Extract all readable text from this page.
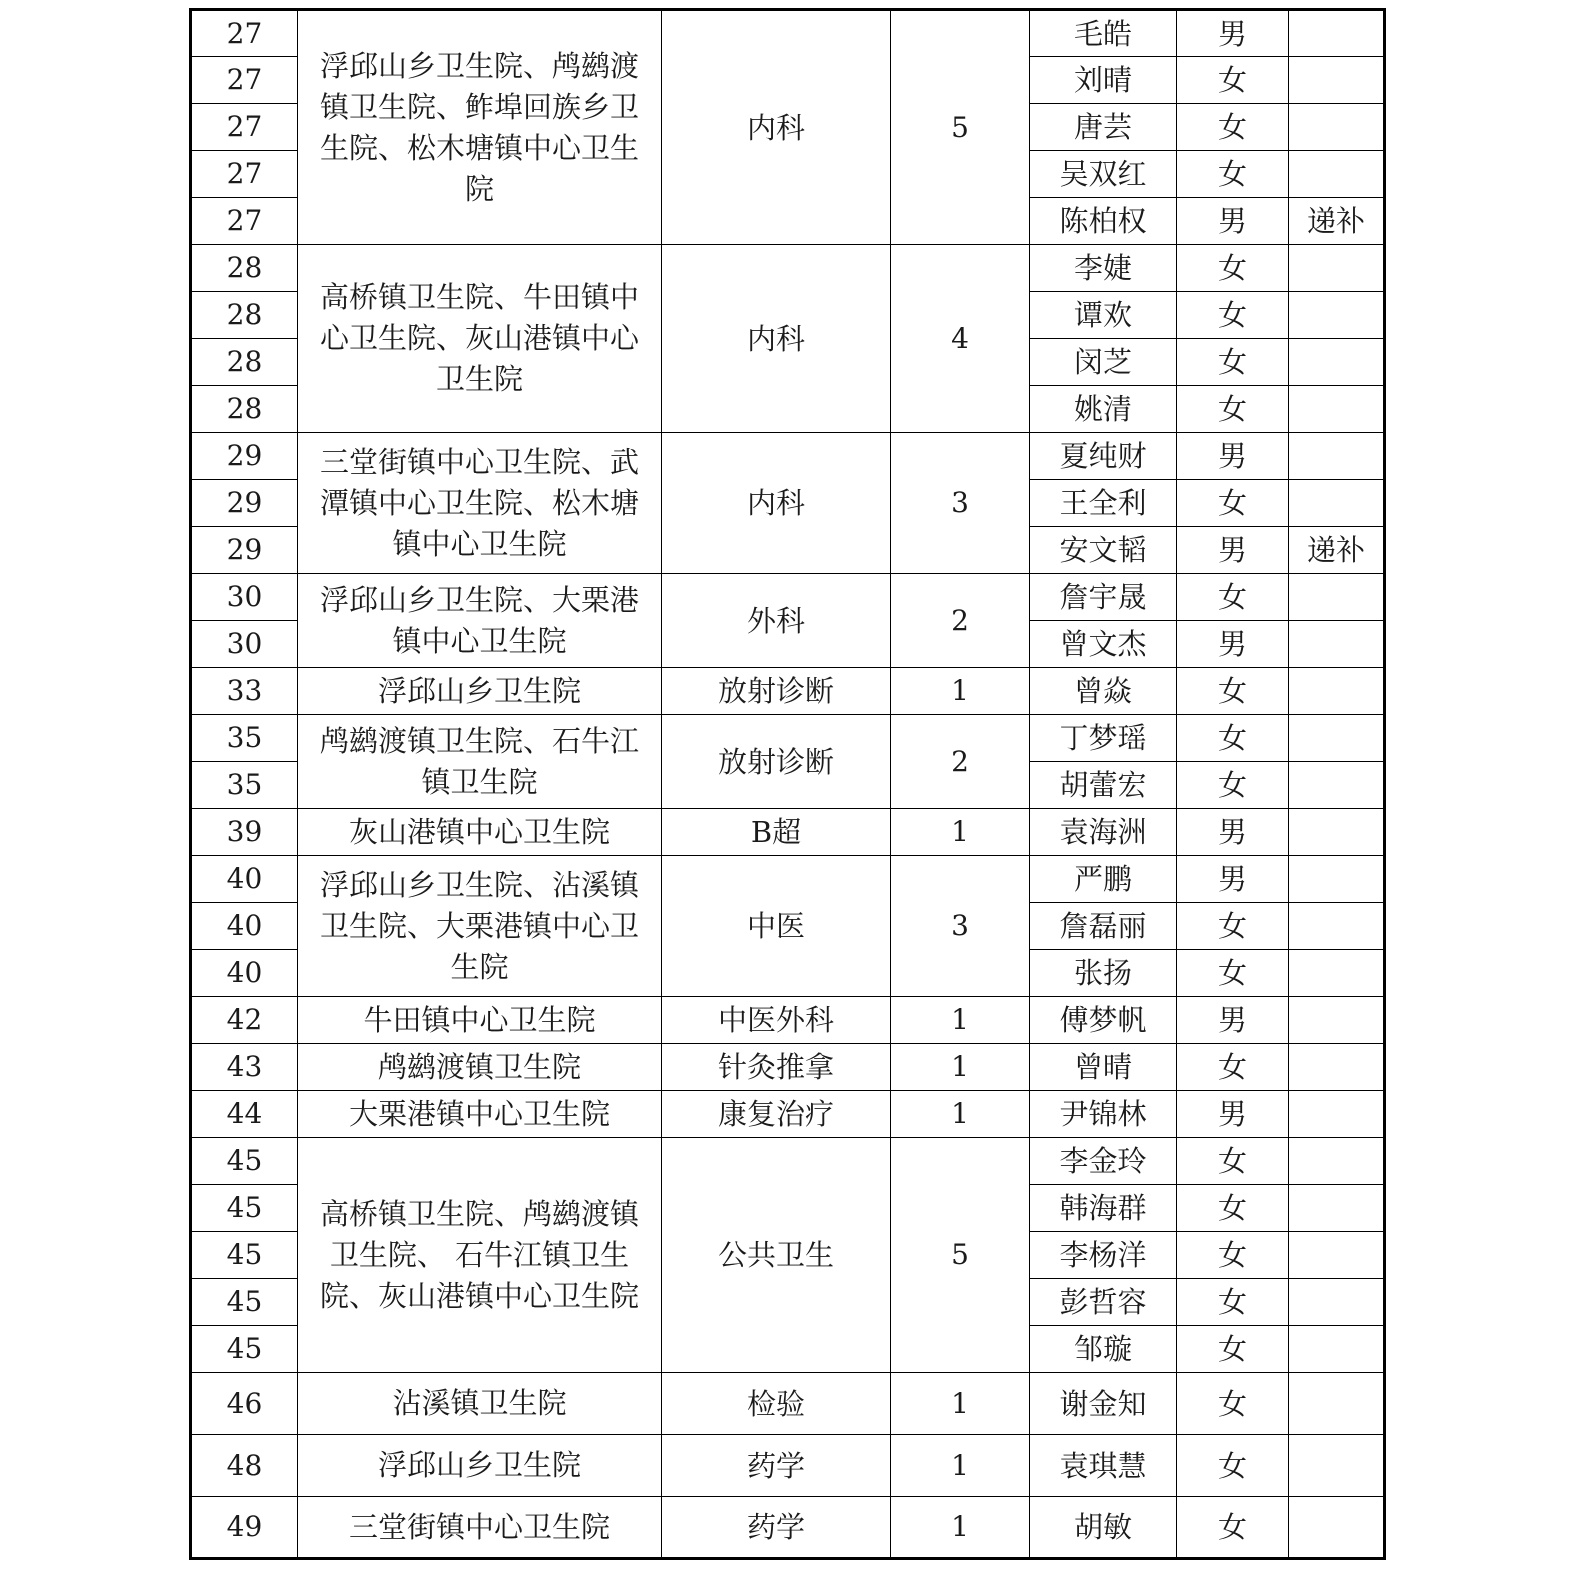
27	浮邱山乡卫生院、鸬鹚渡镇卫生院、鲊埠回族乡卫生院、松木塘镇中心卫生院	内科	5	毛皓	男	
27				刘晴	女	
27				唐芸	女	
27				吴双红	女	
27				陈柏权	男	递补
28	高桥镇卫生院、牛田镇中心卫生院、灰山港镇中心卫生院	内科	4	李婕	女	
28				谭欢	女	
28				闵芝	女	
28				姚清	女	
29	三堂街镇中心卫生院、武潭镇中心卫生院、松木塘镇中心卫生院	内科	3	夏纯财	男	
29				王全利	女	
29				安文韬	男	递补
30	浮邱山乡卫生院、大栗港镇中心卫生院	外科	2	詹宇晟	女	
30				曾文杰	男	
33	浮邱山乡卫生院	放射诊断	1	曾焱	女	
35	鸬鹚渡镇卫生院、石牛江镇卫生院	放射诊断	2	丁梦瑶	女	
35				胡蕾宏	女	
39	灰山港镇中心卫生院	B超	1	袁海洲	男	
40	浮邱山乡卫生院、沾溪镇卫生院、大栗港镇中心卫生院	中医	3	严鹏	男	
40				詹磊丽	女	
40				张扬	女	
42	牛田镇中心卫生院	中医外科	1	傅梦帆	男	
43	鸬鹚渡镇卫生院	针灸推拿	1	曾晴	女	
44	大栗港镇中心卫生院	康复治疗	1	尹锦林	男	
45	高桥镇卫生院、鸬鹚渡镇卫生院、 石牛江镇卫生院、灰山港镇中心卫生院	公共卫生	5	李金玲	女	
45				韩海群	女	
45				李杨洋	女	
45				彭哲容	女	
45				邹璇	女	
46	沾溪镇卫生院	检验	1	谢金知	女	
48	浮邱山乡卫生院	药学	1	袁琪慧	女	
49	三堂街镇中心卫生院	药学	1	胡敏	女	
